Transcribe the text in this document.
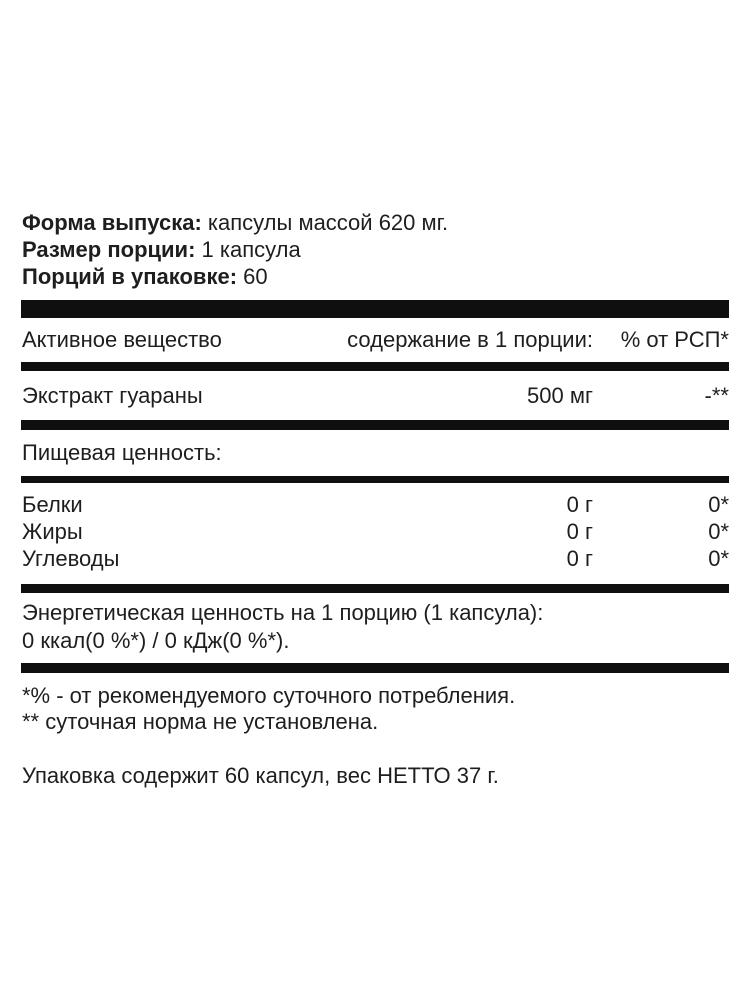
Форма выпуска: капсулы массой 620 мг.
Размер порции: 1 капсула
Порций в упаковке: 60
Активное вещество	содержание в 1 порции:	% от РСП*
Экстракт гуараны	500 мг	-**
Пищевая ценность:
Белки	0 г	0*
Жиры	0 г	0*
Углеводы	0 г	0*
Энергетическая ценность на 1 порцию (1 капсула):
0 ккал(0 %*) / 0 кДж(0 %*).
*% - от рекомендуемого суточного потребления.
** суточная норма не установлена.
Упаковка содержит 60 капсул, вес НЕТТО 37 г.
